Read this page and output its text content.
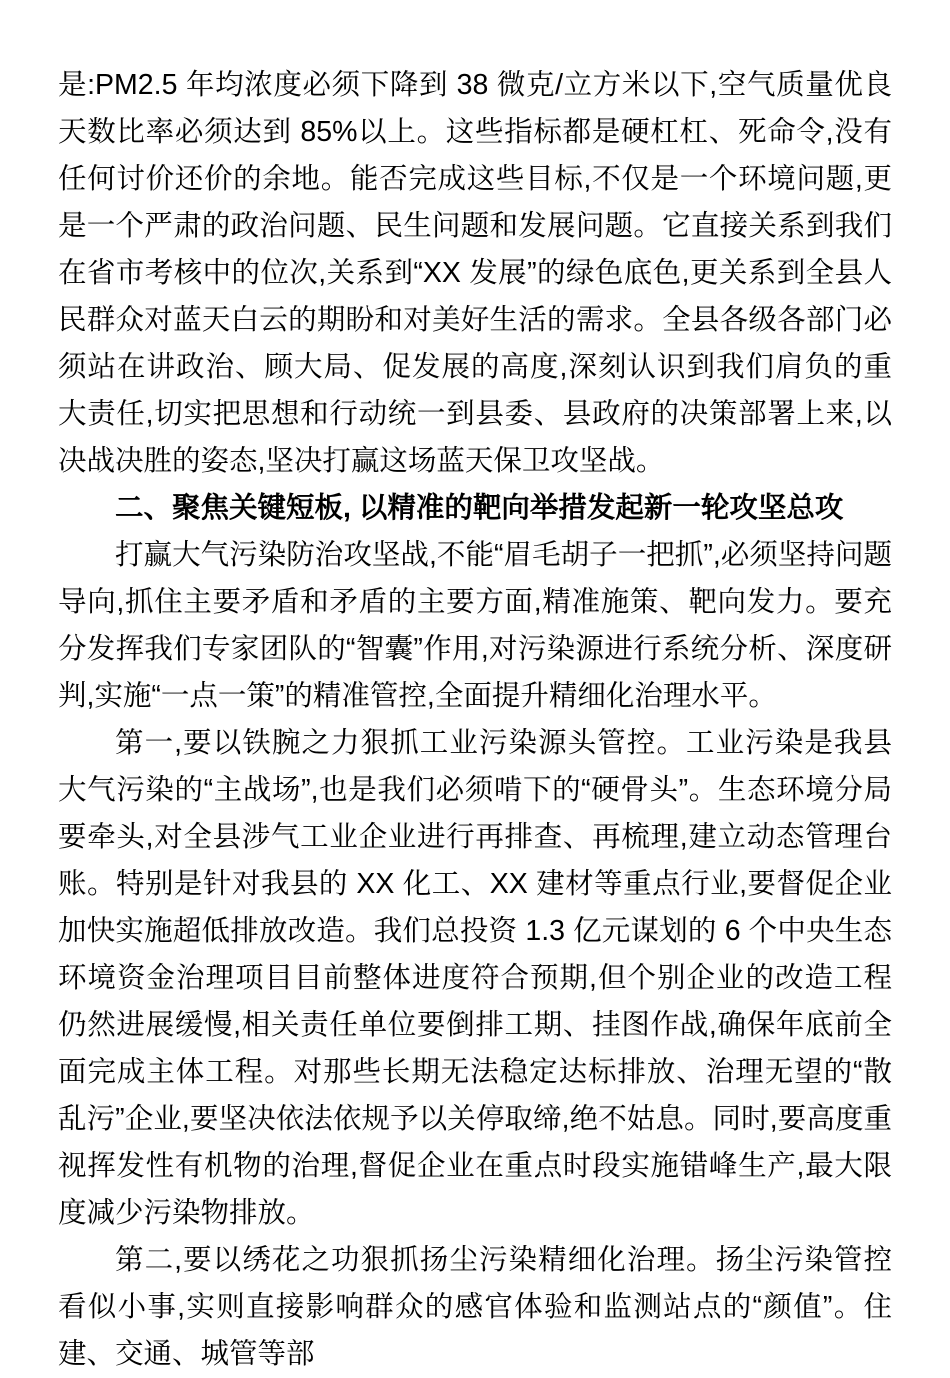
是:PM2.5 年均浓度必须下降到 38 微克/立方米以下,空气质量优良天数比率必须达到 85%以上。这些指标都是硬杠杠、死命令,没有任何讨价还价的余地。能否完成这些目标,不仅是一个环境问题,更是一个严肃的政治问题、民生问题和发展问题。它直接关系到我们在省市考核中的位次,关系到“XX 发展”的绿色底色,更关系到全县人民群众对蓝天白云的期盼和对美好生活的需求。全县各级各部门必须站在讲政治、顾大局、促发展的高度,深刻认识到我们肩负的重大责任,切实把思想和行动统一到县委、县政府的决策部署上来,以决战决胜的姿态,坚决打赢这场蓝天保卫攻坚战。

二、聚焦关键短板, 以精准的靶向举措发起新一轮攻坚总攻

打赢大气污染防治攻坚战,不能“眉毛胡子一把抓”,必须坚持问题导向,抓住主要矛盾和矛盾的主要方面,精准施策、靶向发力。要充分发挥我们专家团队的“智囊”作用,对污染源进行系统分析、深度研判,实施“一点一策”的精准管控,全面提升精细化治理水平。

第一,要以铁腕之力狠抓工业污染源头管控。工业污染是我县大气污染的“主战场”,也是我们必须啃下的“硬骨头”。生态环境分局要牵头,对全县涉气工业企业进行再排查、再梳理,建立动态管理台账。特别是针对我县的 XX 化工、XX 建材等重点行业,要督促企业加快实施超低排放改造。我们总投资 1.3 亿元谋划的 6 个中央生态环境资金治理项目目前整体进度符合预期,但个别企业的改造工程仍然进展缓慢,相关责任单位要倒排工期、挂图作战,确保年底前全面完成主体工程。对那些长期无法稳定达标排放、治理无望的“散乱污”企业,要坚决依法依规予以关停取缔,绝不姑息。同时,要高度重视挥发性有机物的治理,督促企业在重点时段实施错峰生产,最大限度减少污染物排放。

第二,要以绣花之功狠抓扬尘污染精细化治理。扬尘污染管控看似小事,实则直接影响群众的感官体验和监测站点的“颜值”。住建、交通、城管等部
